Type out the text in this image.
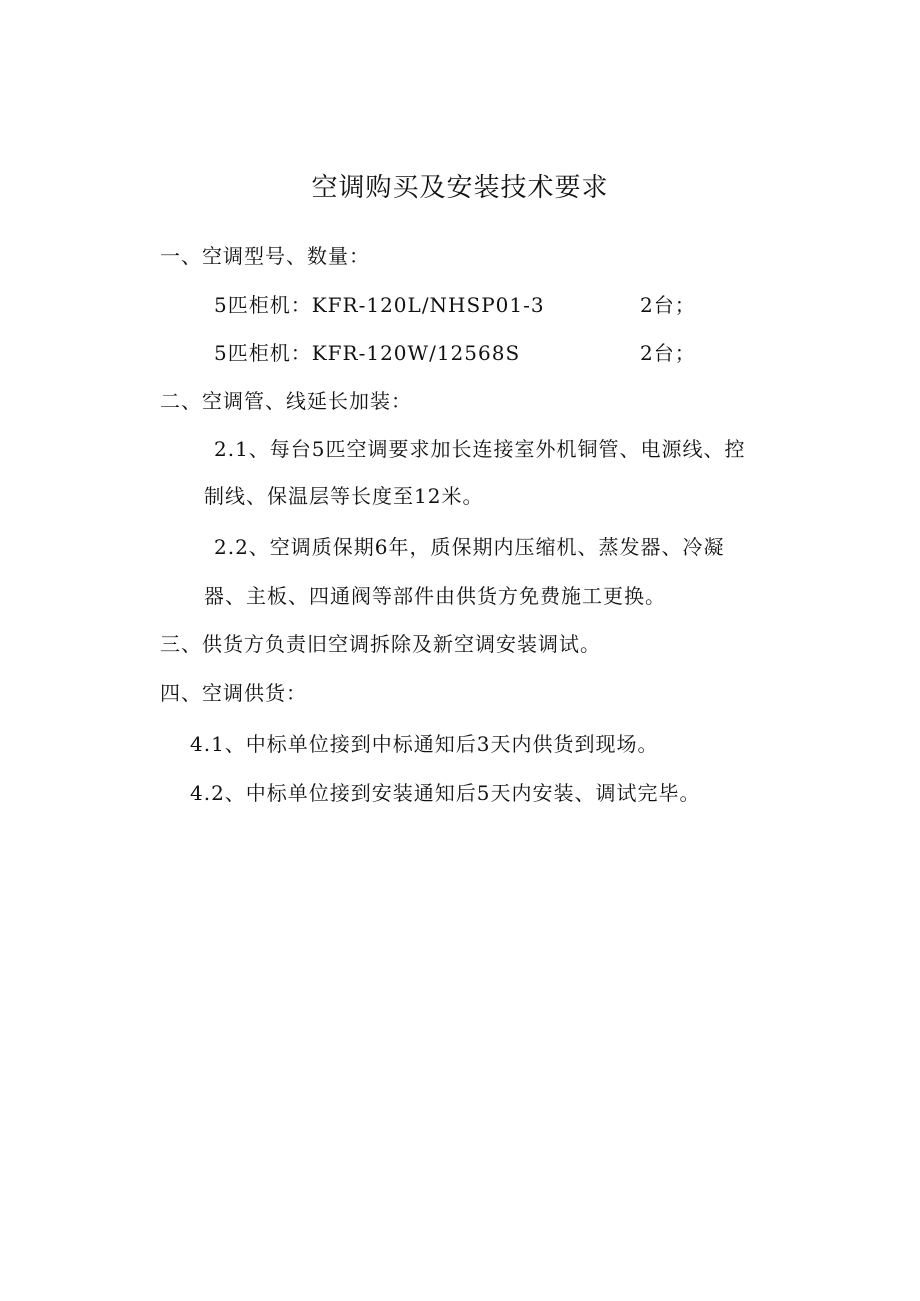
空调购买及安装技术要求
一、空调型号、数量：
5匹柜机：KFR-120L/NHSP01-3	2台；
5匹柜机：KFR-120W/12568S	2台；
二、空调管、线延长加装：
2.1、每台5匹空调要求加长连接室外机铜管、电源线、控
制线、保温层等长度至12米。
2.2、空调质保期6年，质保期内压缩机、蒸发器、冷凝
器、主板、四通阀等部件由供货方免费施工更换。
三、供货方负责旧空调拆除及新空调安装调试。
四、空调供货：
4.1、中标单位接到中标通知后3天内供货到现场。
4.2、中标单位接到安装通知后5天内安装、调试完毕。
